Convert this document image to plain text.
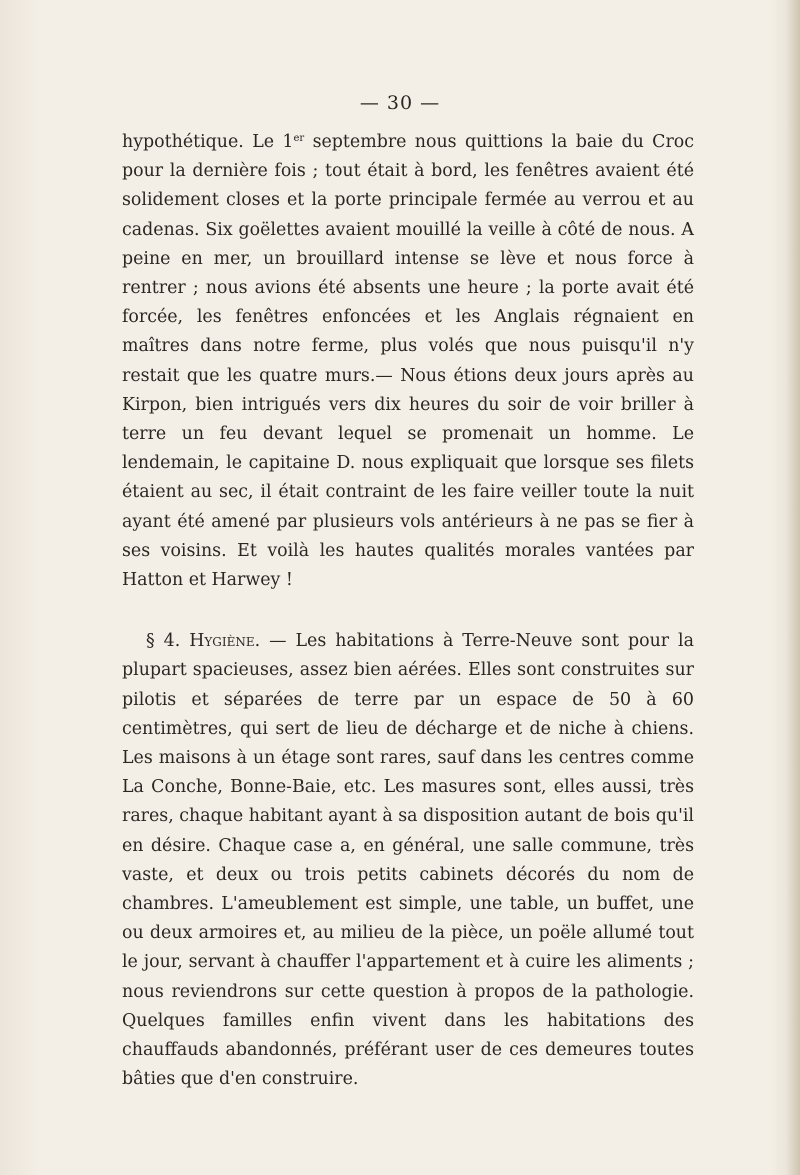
— 30 —

hypothétique. Le 1er septembre nous quittions la baie du Croc pour la dernière fois ; tout était à bord, les fenêtres avaient été solidement closes et la porte principale fermée au verrou et au cadenas. Six goëlettes avaient mouillé la veille à côté de nous. A peine en mer, un brouillard intense se lève et nous force à rentrer ; nous avions été absents une heure ; la porte avait été forcée, les fenêtres enfoncées et les Anglais régnaient en maîtres dans notre ferme, plus volés que nous puisqu'il n'y restait que les quatre murs.— Nous étions deux jours après au Kirpon, bien intrigués vers dix heures du soir de voir briller à terre un feu devant lequel se promenait un homme. Le lendemain, le capitaine D. nous expliquait que lorsque ses filets étaient au sec, il était contraint de les faire veiller toute la nuit ayant été amené par plusieurs vols antérieurs à ne pas se fier à ses voisins. Et voilà les hautes qualités morales vantées par Hatton et Harwey !

§ 4. Hygiène. — Les habitations à Terre-Neuve sont pour la plupart spacieuses, assez bien aérées. Elles sont construites sur pilotis et séparées de terre par un espace de 50 à 60 centimètres, qui sert de lieu de décharge et de niche à chiens. Les maisons à un étage sont rares, sauf dans les centres comme La Conche, Bonne-Baie, etc. Les masures sont, elles aussi, très rares, chaque habitant ayant à sa disposition autant de bois qu'il en désire. Chaque case a, en général, une salle commune, très vaste, et deux ou trois petits cabinets décorés du nom de chambres. L'ameublement est simple, une table, un buffet, une ou deux armoires et, au milieu de la pièce, un poële allumé tout le jour, servant à chauffer l'appartement et à cuire les aliments ; nous reviendrons sur cette question à propos de la pathologie. Quelques familles enfin vivent dans les habitations des chauffauds abandonnés, préférant user de ces demeures toutes bâties que d'en construire.
